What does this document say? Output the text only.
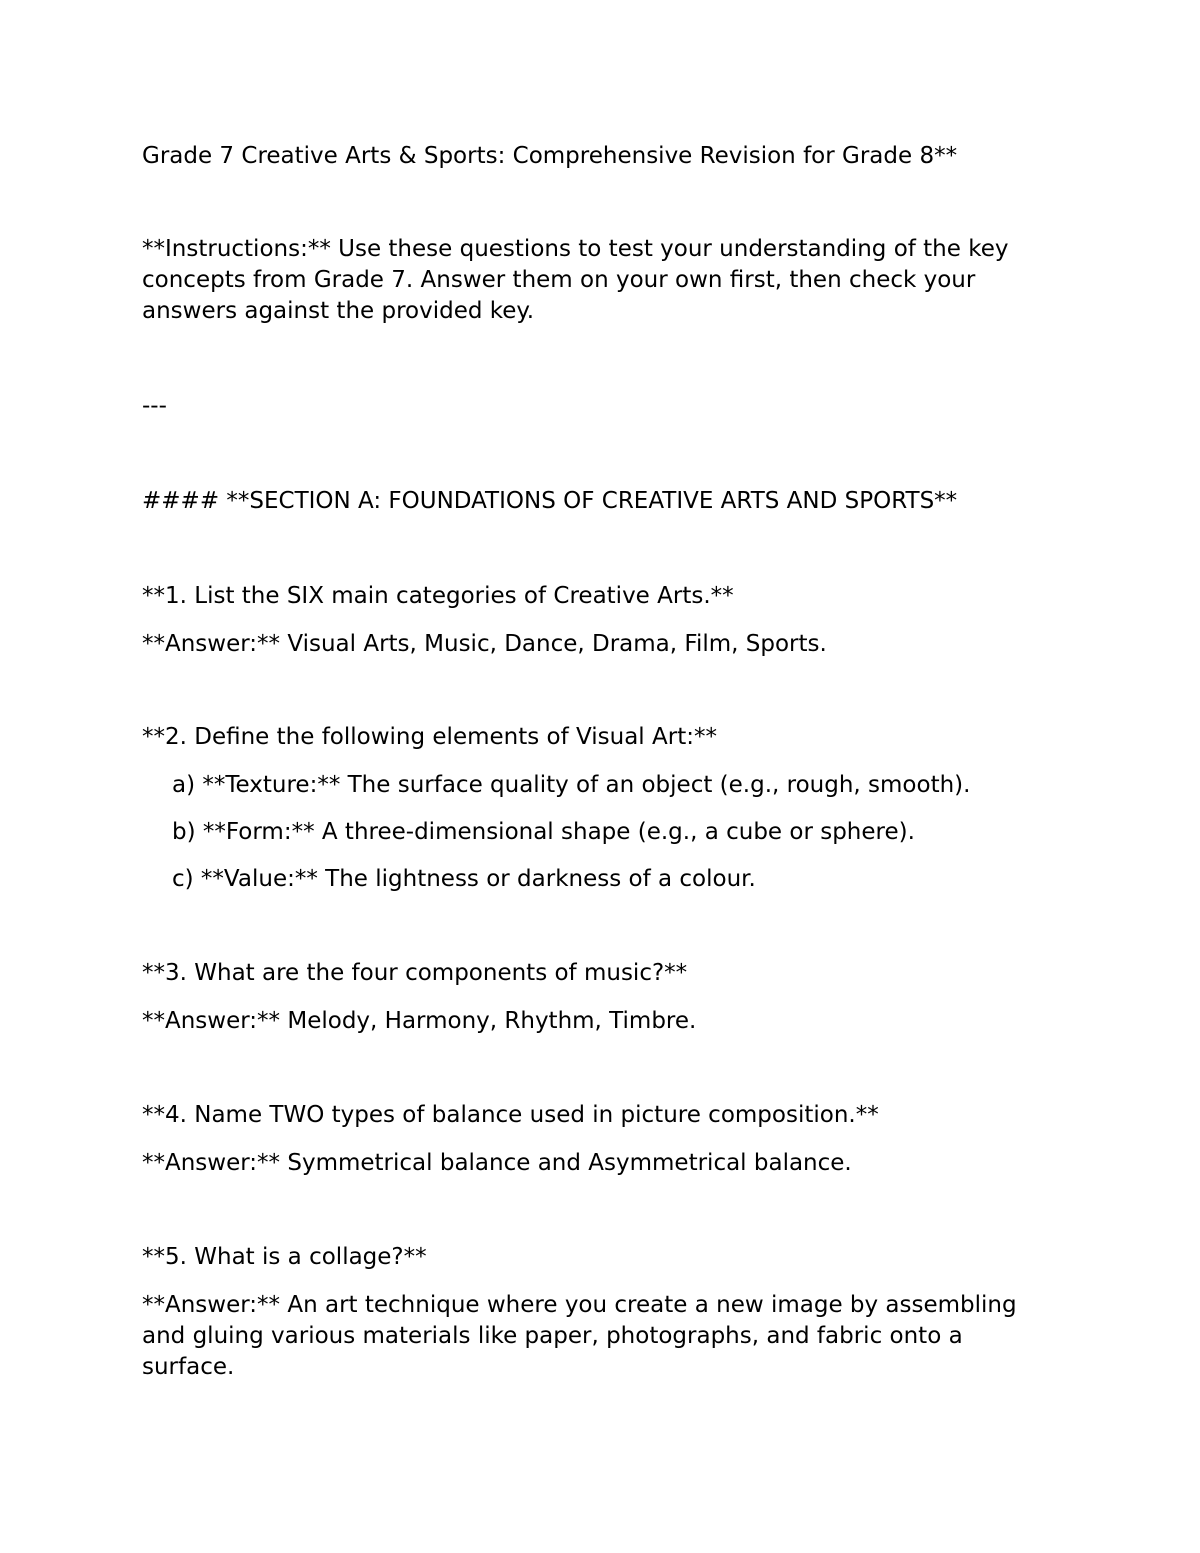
Grade 7 Creative Arts & Sports: Comprehensive Revision for Grade 8**

**Instructions:** Use these questions to test your understanding of the key concepts from Grade 7. Answer them on your own first, then check your answers against the provided key.

---

#### **SECTION A: FOUNDATIONS OF CREATIVE ARTS AND SPORTS**

**1. List the SIX main categories of Creative Arts.**

**Answer:** Visual Arts, Music, Dance, Drama, Film, Sports.

**2. Define the following elements of Visual Art:**

a) **Texture:** The surface quality of an object (e.g., rough, smooth).

b) **Form:** A three-dimensional shape (e.g., a cube or sphere).

c) **Value:** The lightness or darkness of a colour.

**3. What are the four components of music?**

**Answer:** Melody, Harmony, Rhythm, Timbre.

**4. Name TWO types of balance used in picture composition.**

**Answer:** Symmetrical balance and Asymmetrical balance.

**5. What is a collage?**

**Answer:** An art technique where you create a new image by assembling and gluing various materials like paper, photographs, and fabric onto a surface.
